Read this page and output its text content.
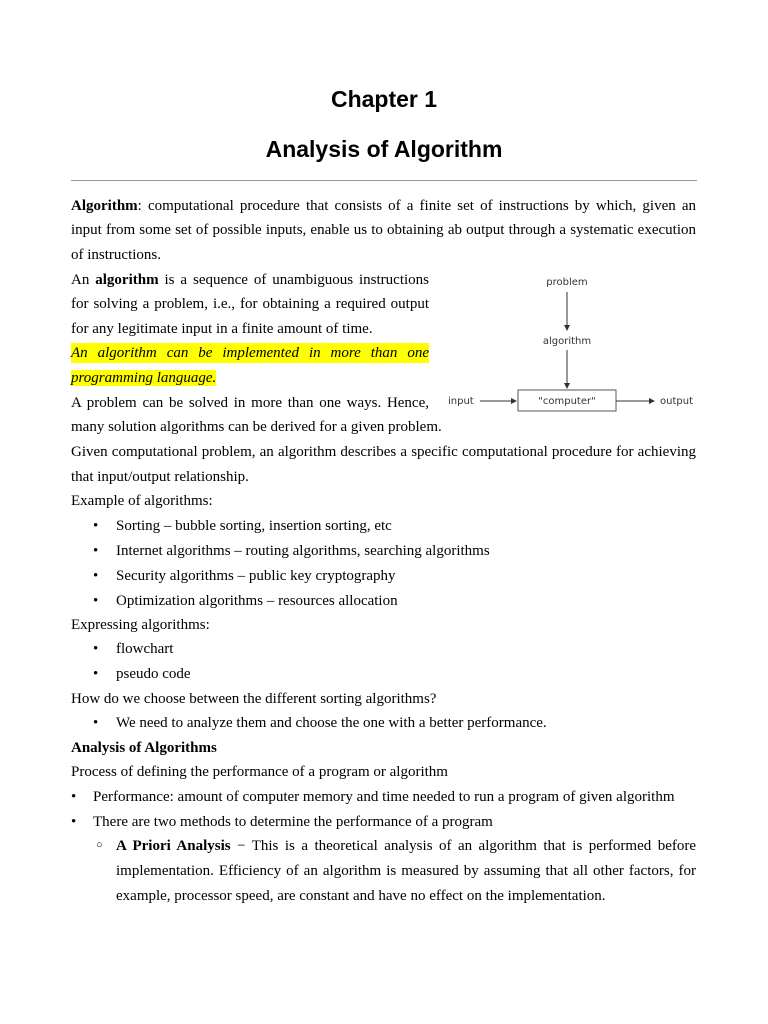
Chapter 1
Analysis of Algorithm
Algorithm: computational procedure that consists of a finite set of instructions by which, given an
input from some set of possible inputs, enable us to obtaining ab output through a systematic execution
of instructions.
An algorithm is a sequence of unambiguous instructions
for solving a problem, i.e., for obtaining a required output
for any legitimate input in a finite amount of time.
An algorithm can be implemented in more than one
programming language.
A problem can be solved in more than one ways. Hence,
many solution algorithms can be derived for a given problem.
problem
algorithm
input	"computer"	output
Given computational problem, an algorithm describes a specific computational procedure for achieving
that input/output relationship.
Example of algorithms:
• Sorting – bubble sorting, insertion sorting, etc
• Internet algorithms – routing algorithms, searching algorithms
• Security algorithms – public key cryptography
• Optimization algorithms – resources allocation
Expressing algorithms:
• flowchart
• pseudo code
How do we choose between the different sorting algorithms?
• We need to analyze them and choose the one with a better performance.
Analysis of Algorithms
Process of defining the performance of a program or algorithm
• Performance: amount of computer memory and time needed to run a program of given algorithm
• There are two methods to determine the performance of a program
○ A Priori Analysis − This is a theoretical analysis of an algorithm that is performed before
implementation. Efficiency of an algorithm is measured by assuming that all other factors, for
example, processor speed, are constant and have no effect on the implementation.
